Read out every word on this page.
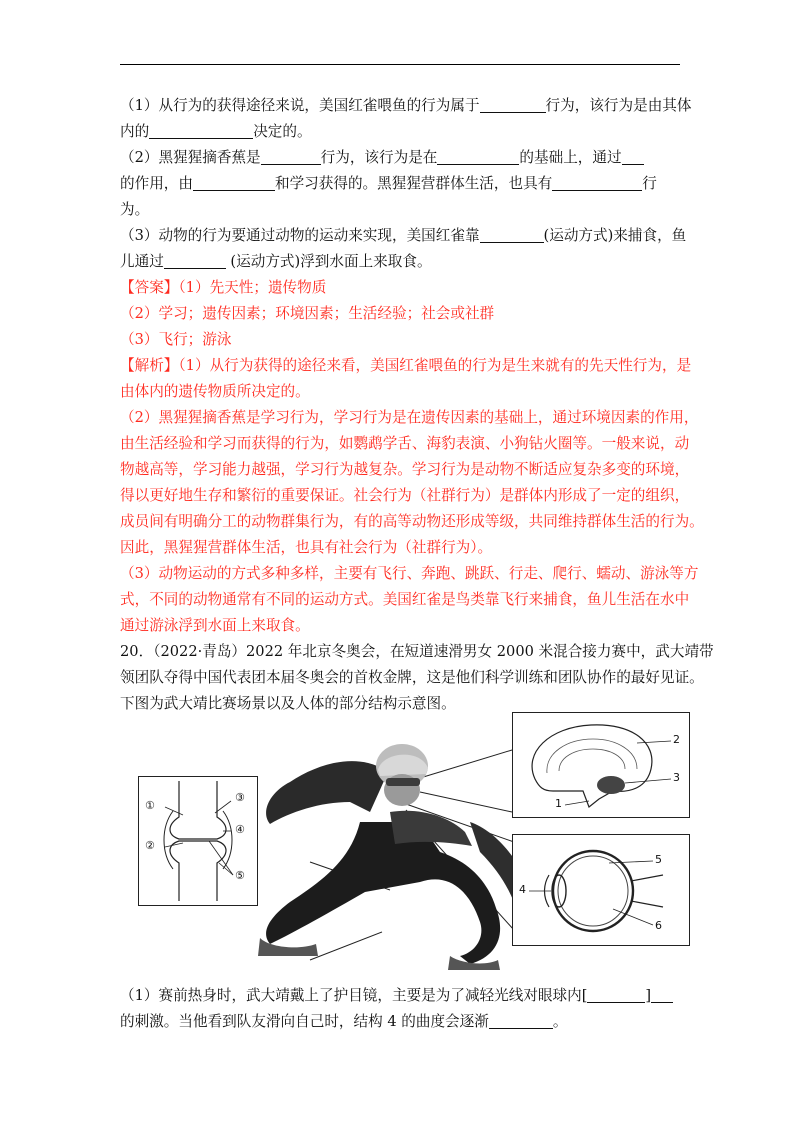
（1）从行为的获得途径来说，美国红雀喂鱼的行为属于	行为，该行为是由其体
内的	决定的。
（2）黑猩猩摘香蕉是	行为，该行为是在	的基础上，通过
的作用，由	和学习获得的。黑猩猩营群体生活，也具有	行
为。
（3）动物的行为要通过动物的运动来实现，美国红雀靠	(运动方式)来捕食，鱼
儿通过	(运动方式)浮到水面上来取食。
【答案】（1）先天性；遗传物质
（2）学习；遗传因素；环境因素；生活经验；社会或社群
（3）飞行；游泳
【解析】（1）从行为获得的途径来看，美国红雀喂鱼的行为是生来就有的先天性行为，是
由体内的遗传物质所决定的。
（2）黑猩猩摘香蕉是学习行为，学习行为是在遗传因素的基础上，通过环境因素的作用，
由生活经验和学习而获得的行为，如鹦鹉学舌、海豹表演、小狗钻火圈等。一般来说，动
物越高等，学习能力越强，学习行为越复杂。学习行为是动物不断适应复杂多变的环境，
得以更好地生存和繁衍的重要保证。社会行为（社群行为）是群体内形成了一定的组织，
成员间有明确分工的动物群集行为，有的高等动物还形成等级，共同维持群体生活的行为。
因此，黑猩猩营群体生活，也具有社会行为（社群行为）。
（3）动物运动的方式多种多样，主要有飞行、奔跑、跳跃、行走、爬行、蠕动、游泳等方
式，不同的动物通常有不同的运动方式。美国红雀是鸟类靠飞行来捕食，鱼儿生活在水中
通过游泳浮到水面上来取食。
20．（2022·青岛）2022 年北京冬奥会，在短道速滑男女 2000 米混合接力赛中，武大靖带
领团队夺得中国代表团本届冬奥会的首枚金牌，这是他们科学训练和团队协作的最好见证。
下图为武大靖比赛场景以及人体的部分结构示意图。
①
②
③
④
⑤
2
3
1
5
6
4
（1）赛前热身时，武大靖戴上了护目镜，主要是为了减轻光线对眼球内[	]
的刺激。当他看到队友滑向自己时，结构 4 的曲度会逐渐	。
